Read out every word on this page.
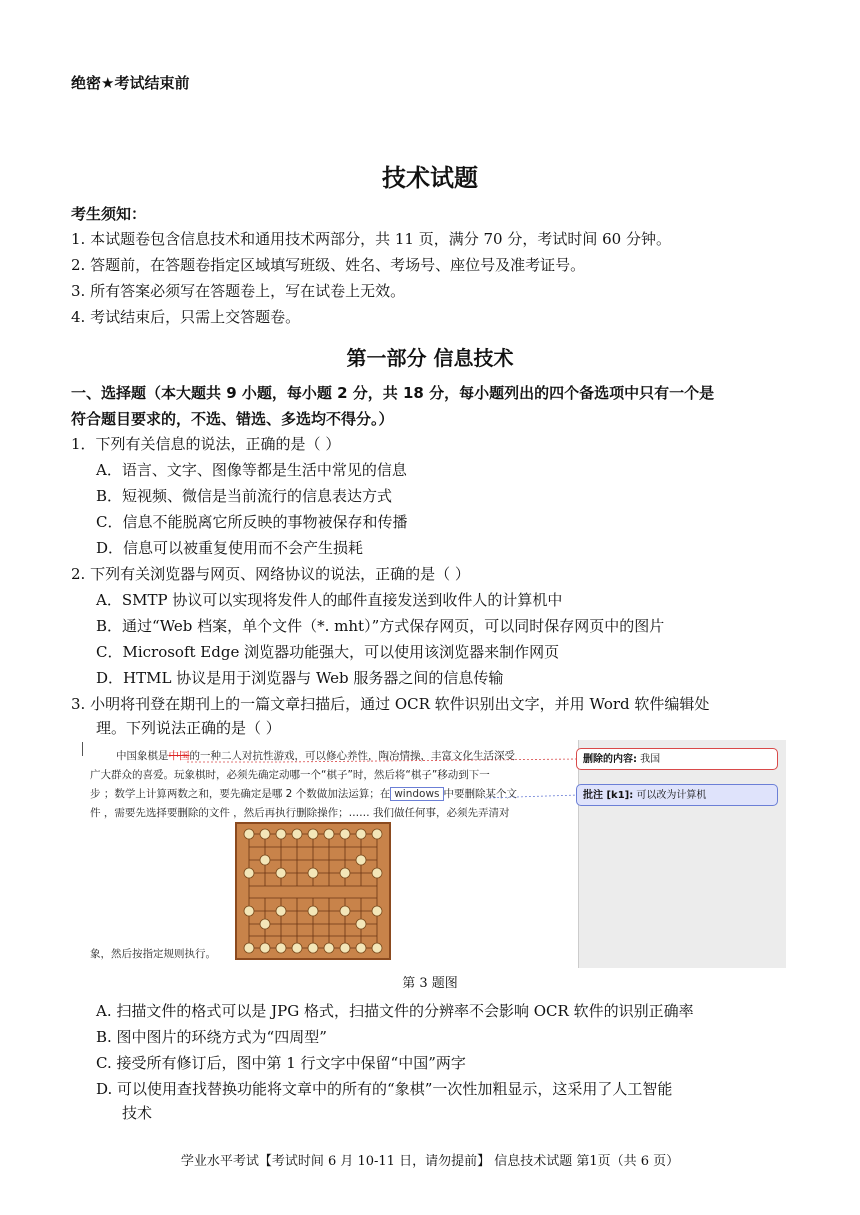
绝密★考试结束前
技术试题
考生须知：
1. 本试题卷包含信息技术和通用技术两部分，共 11 页，满分 70 分，考试时间 60 分钟。
2. 答题前，在答题卷指定区域填写班级、姓名、考场号、座位号及准考证号。
3. 所有答案必须写在答题卷上，写在试卷上无效。
4. 考试结束后，只需上交答题卷。
第一部分 信息技术
一、选择题（本大题共 9 小题，每小题 2 分，共 18 分，每小题列出的四个备选项中只有一个是
符合题目要求的，不选、错选、多选均不得分。）
1．下列有关信息的说法，正确的是（ ）
A．语言、文字、图像等都是生活中常见的信息
B．短视频、微信是当前流行的信息表达方式
C．信息不能脱离它所反映的事物被保存和传播
D．信息可以被重复使用而不会产生损耗
2. 下列有关浏览器与网页、网络协议的说法，正确的是（ ）
A．SMTP 协议可以实现将发件人的邮件直接发送到收件人的计算机中
B．通过“Web 档案，单个文件（*. mht）”方式保存网页，可以同时保存网页中的图片
C．Microsoft Edge 浏览器功能强大，可以使用该浏览器来制作网页
D．HTML 协议是用于浏览器与 Web 服务器之间的信息传输
3. 小明将刊登在期刊上的一篇文章扫描后，通过 OCR 软件识别出文字，并用 Word 软件编辑处
理。下列说法正确的是（ ）
中国象棋是中国的一种二人对抗性游戏，可以修心养性，陶冶情操，丰富文化生活深受
广大群众的喜爱。玩象棋时，必须先确定动哪一个“棋子”时，然后将“棋子”移动到下一
步 ；数学上计算两数之和，要先确定是哪 2 个数做加法运算；在 windows 中要删除某个文
件 ，需要先选择要删除的文件 ，然后再执行删除操作；…… 我们做任何事，必须先弄清对
象，然后按指定规则执行。
删除的内容: 我国
批注 [k1]: 可以改为计算机
第 3 题图
A. 扫描文件的格式可以是 JPG 格式，扫描文件的分辨率不会影响 OCR 软件的识别正确率
B. 图中图片的环绕方式为“四周型”
C. 接受所有修订后，图中第 1 行文字中保留“中国”两字
D. 可以使用查找替换功能将文章中的所有的“象棋”一次性加粗显示，这采用了人工智能
技术
学业水平考试【考试时间 6 月 10-11 日，请勿提前】 信息技术试题 第1页（共 6 页）
